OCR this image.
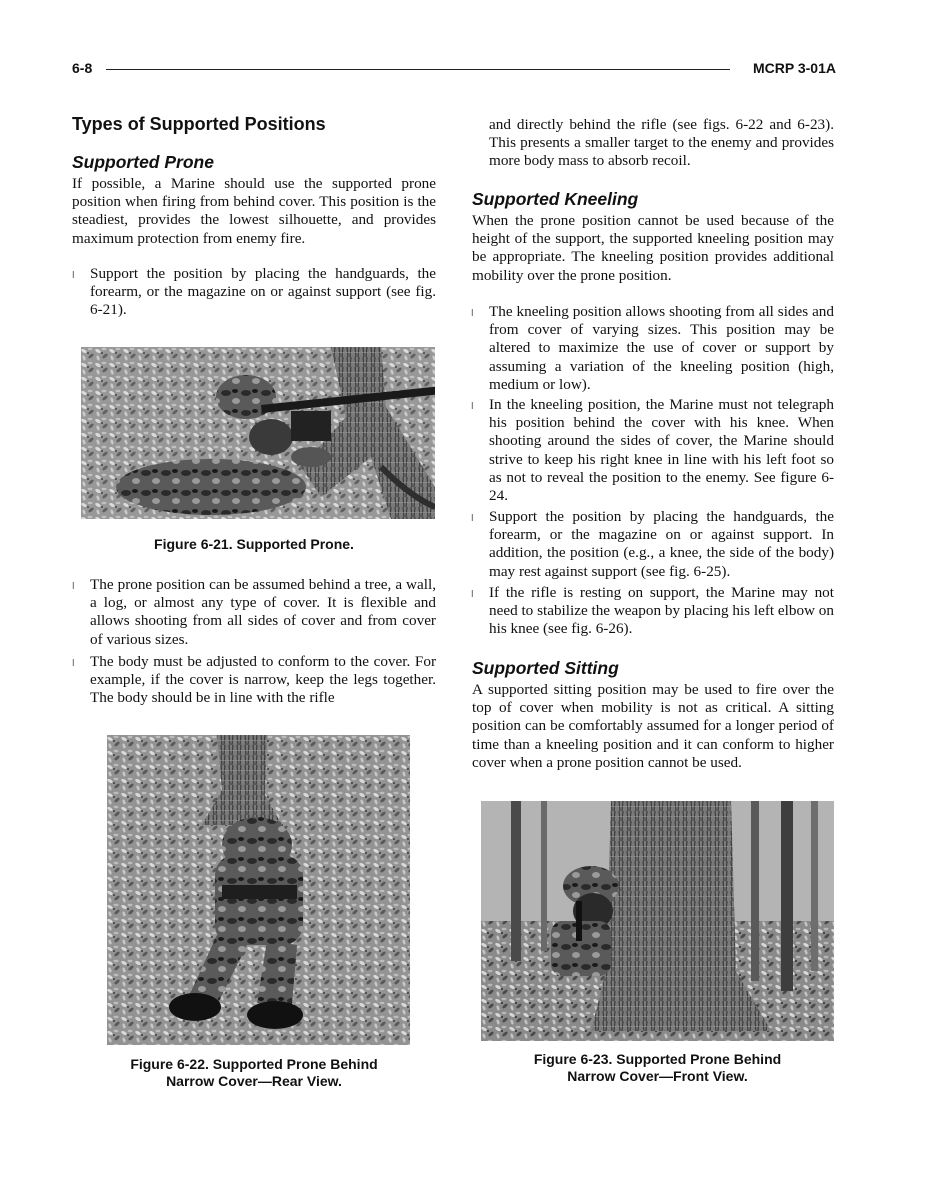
6-8	MCRP 3-01A
Types of Supported Positions
Supported Prone
If possible, a Marine should use the supported prone position when firing from behind cover. This position is the steadiest, provides the lowest silhouette, and provides maximum protection from enemy fire.
l Support the position by placing the handguards, the forearm, or the magazine on or against support (see fig. 6-21).
Figure 6-21. Supported Prone.
l The prone position can be assumed behind a tree, a wall, a log, or almost any type of cover. It is flexible and allows shooting from all sides of cover and from cover of various sizes.
l The body must be adjusted to conform to the cover. For example, if the cover is narrow, keep the legs together. The body should be in line with the rifle
Figure 6-22. Supported Prone Behind
Narrow Cover—Rear View.
and directly behind the rifle (see figs. 6-22 and 6-23). This presents a smaller target to the enemy and provides more body mass to absorb recoil.
Supported Kneeling
When the prone position cannot be used because of the height of the support, the supported kneeling position may be appropriate. The kneeling position provides additional mobility over the prone position.
l The kneeling position allows shooting from all sides and from cover of varying sizes. This position may be altered to maximize the use of cover or support by assuming a variation of the kneeling position (high, medium or low).
l In the kneeling position, the Marine must not telegraph his position behind the cover with his knee. When shooting around the sides of cover, the Marine should strive to keep his right knee in line with his left foot so as not to reveal the position to the enemy. See figure 6-24.
l Support the position by placing the handguards, the forearm, or the magazine on or against support. In addition, the position (e.g., a knee, the side of the body) may rest against support (see fig. 6-25).
l If the rifle is resting on support, the Marine may not need to stabilize the weapon by placing his left elbow on his knee (see fig. 6-26).
Supported Sitting
A supported sitting position may be used to fire over the top of cover when mobility is not as critical. A sitting position can be comfortably assumed for a longer period of time than a kneeling position and it can conform to higher cover when a prone position cannot be used.
Figure 6-23. Supported Prone Behind
Narrow Cover—Front View.
